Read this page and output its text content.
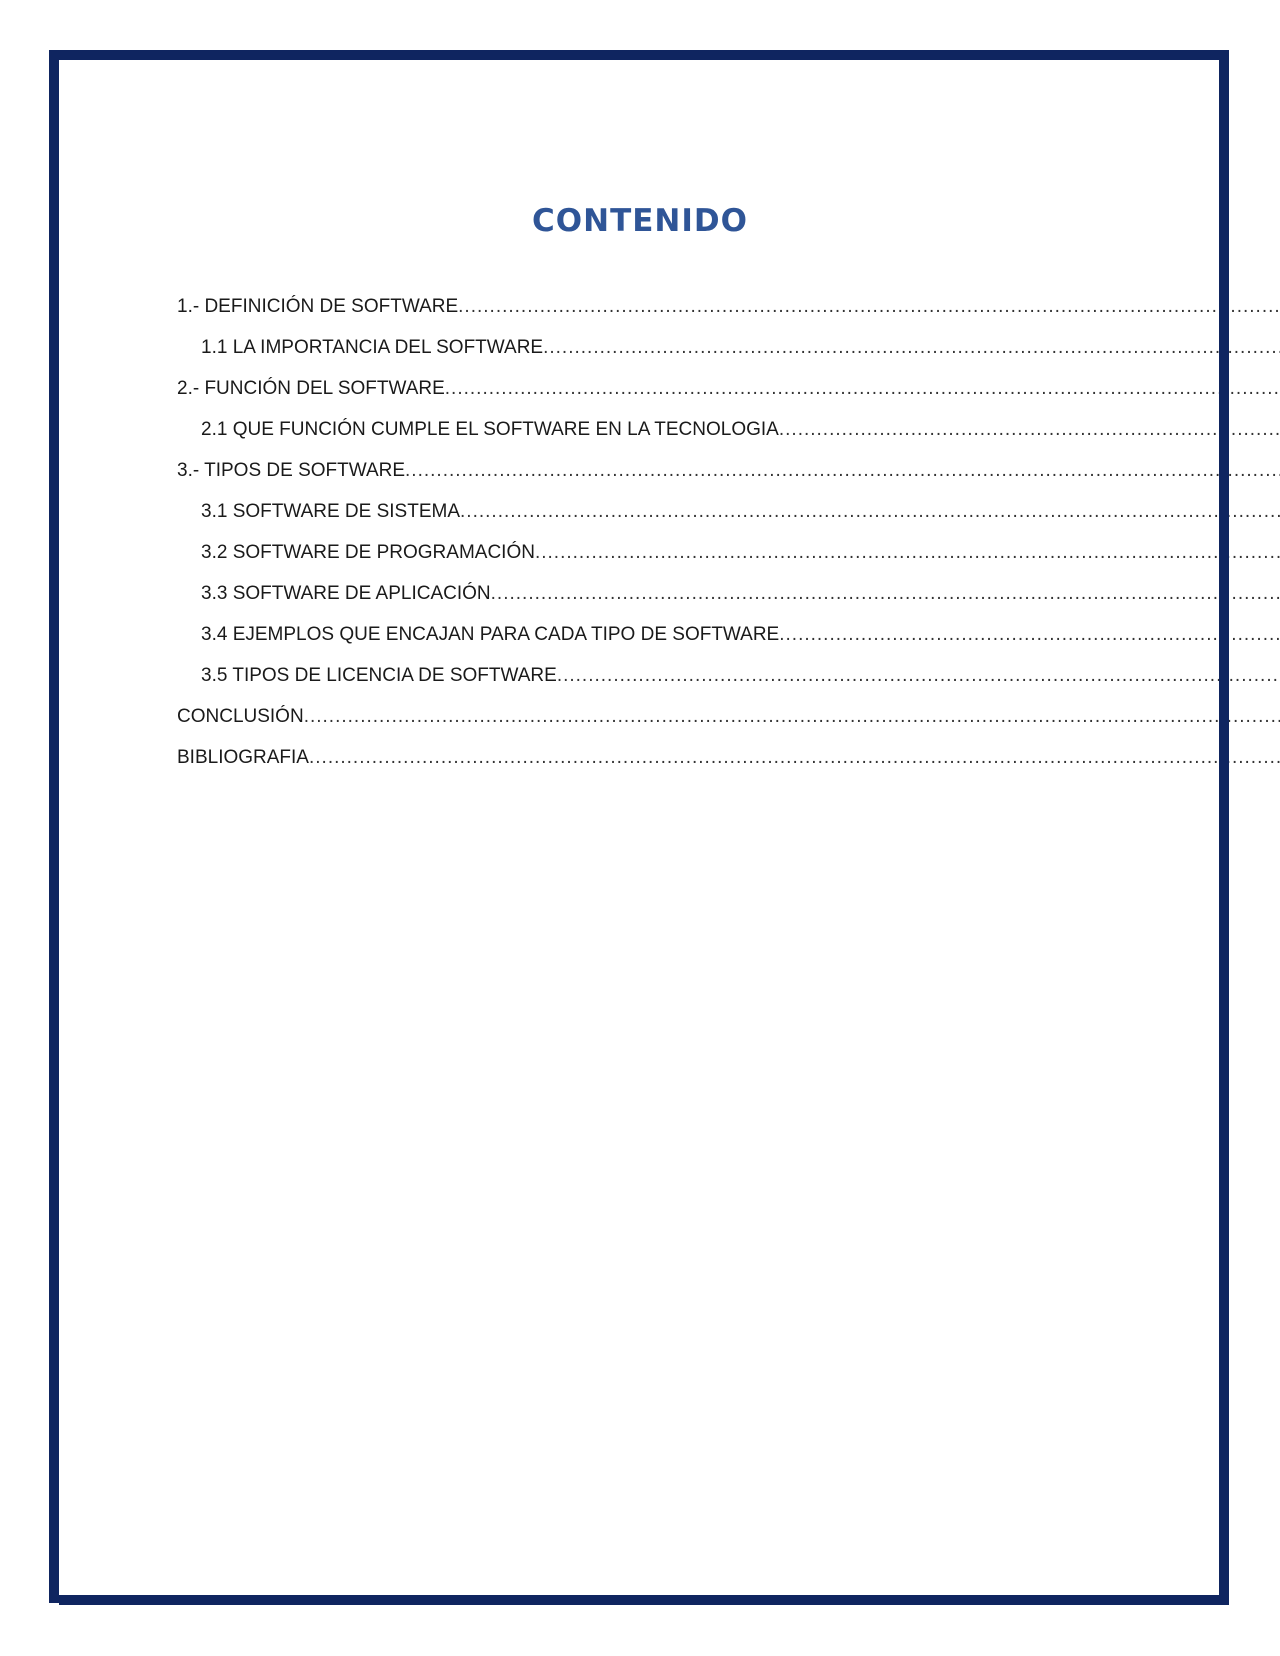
CONTENIDO
1.- DEFINICIÓN DE SOFTWARE
.....
1.1 LA IMPORTANCIA DEL SOFTWARE
.....
2.- FUNCIÓN DEL SOFTWARE
.....
2.1 QUE FUNCIÓN CUMPLE EL SOFTWARE EN LA TECNOLOGIA
.....
3.- TIPOS DE SOFTWARE
.....
3.1 SOFTWARE DE SISTEMA
.....
3.2 SOFTWARE DE PROGRAMACIÓN
.....
3.3 SOFTWARE DE APLICACIÓN
.....
3.4 EJEMPLOS QUE ENCAJAN PARA CADA TIPO DE SOFTWARE
.....
3.5 TIPOS DE LICENCIA DE SOFTWARE
.....
CONCLUSIÓN
.....
BIBLIOGRAFIA
.....
